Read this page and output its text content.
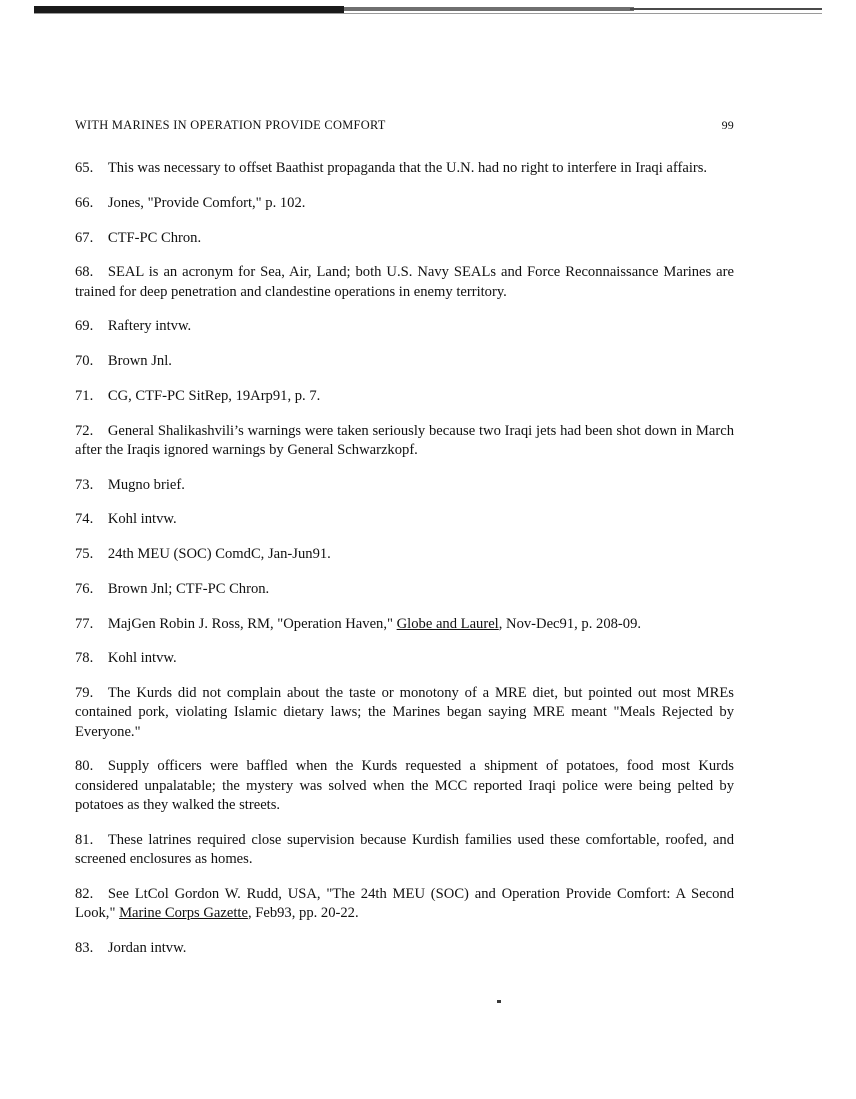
WITH MARINES IN OPERATION PROVIDE COMFORT	99

65.   This was necessary to offset Baathist propaganda that the U.N. had no right to interfere in Iraqi affairs.

66.   Jones, "Provide Comfort," p. 102.

67.   CTF-PC Chron.

68.   SEAL is an acronym for Sea, Air, Land; both U.S. Navy SEALs and Force Reconnaissance Marines are trained for deep penetration and clandestine operations in enemy territory.

69.   Raftery intvw.

70.   Brown Jnl.

71.   CG, CTF-PC SitRep, 19Arp91, p. 7.

72.   General Shalikashvili’s warnings were taken seriously because two Iraqi jets had been shot down in March after the Iraqis ignored warnings by General Schwarzkopf.

73.   Mugno brief.

74.   Kohl intvw.

75.   24th MEU (SOC) ComdC, Jan-Jun91.

76.   Brown Jnl; CTF-PC Chron.

77.   MajGen Robin J. Ross, RM, "Operation Haven," Globe and Laurel, Nov-Dec91, p. 208-09.

78.   Kohl intvw.

79.   The Kurds did not complain about the taste or monotony of a MRE diet, but pointed out most MREs contained pork, violating Islamic dietary laws; the Marines began saying MRE meant "Meals Rejected by Everyone."

80.   Supply officers were baffled when the Kurds requested a shipment of potatoes, food most Kurds considered unpalatable; the mystery was solved when the MCC reported Iraqi police were being pelted by potatoes as they walked the streets.

81.   These latrines required close supervision because Kurdish families used these comfortable, roofed, and screened enclosures as homes.

82.   See LtCol Gordon W. Rudd, USA, "The 24th MEU (SOC) and Operation Provide Comfort: A Second Look," Marine Corps Gazette, Feb93, pp. 20-22.

83.   Jordan intvw.
